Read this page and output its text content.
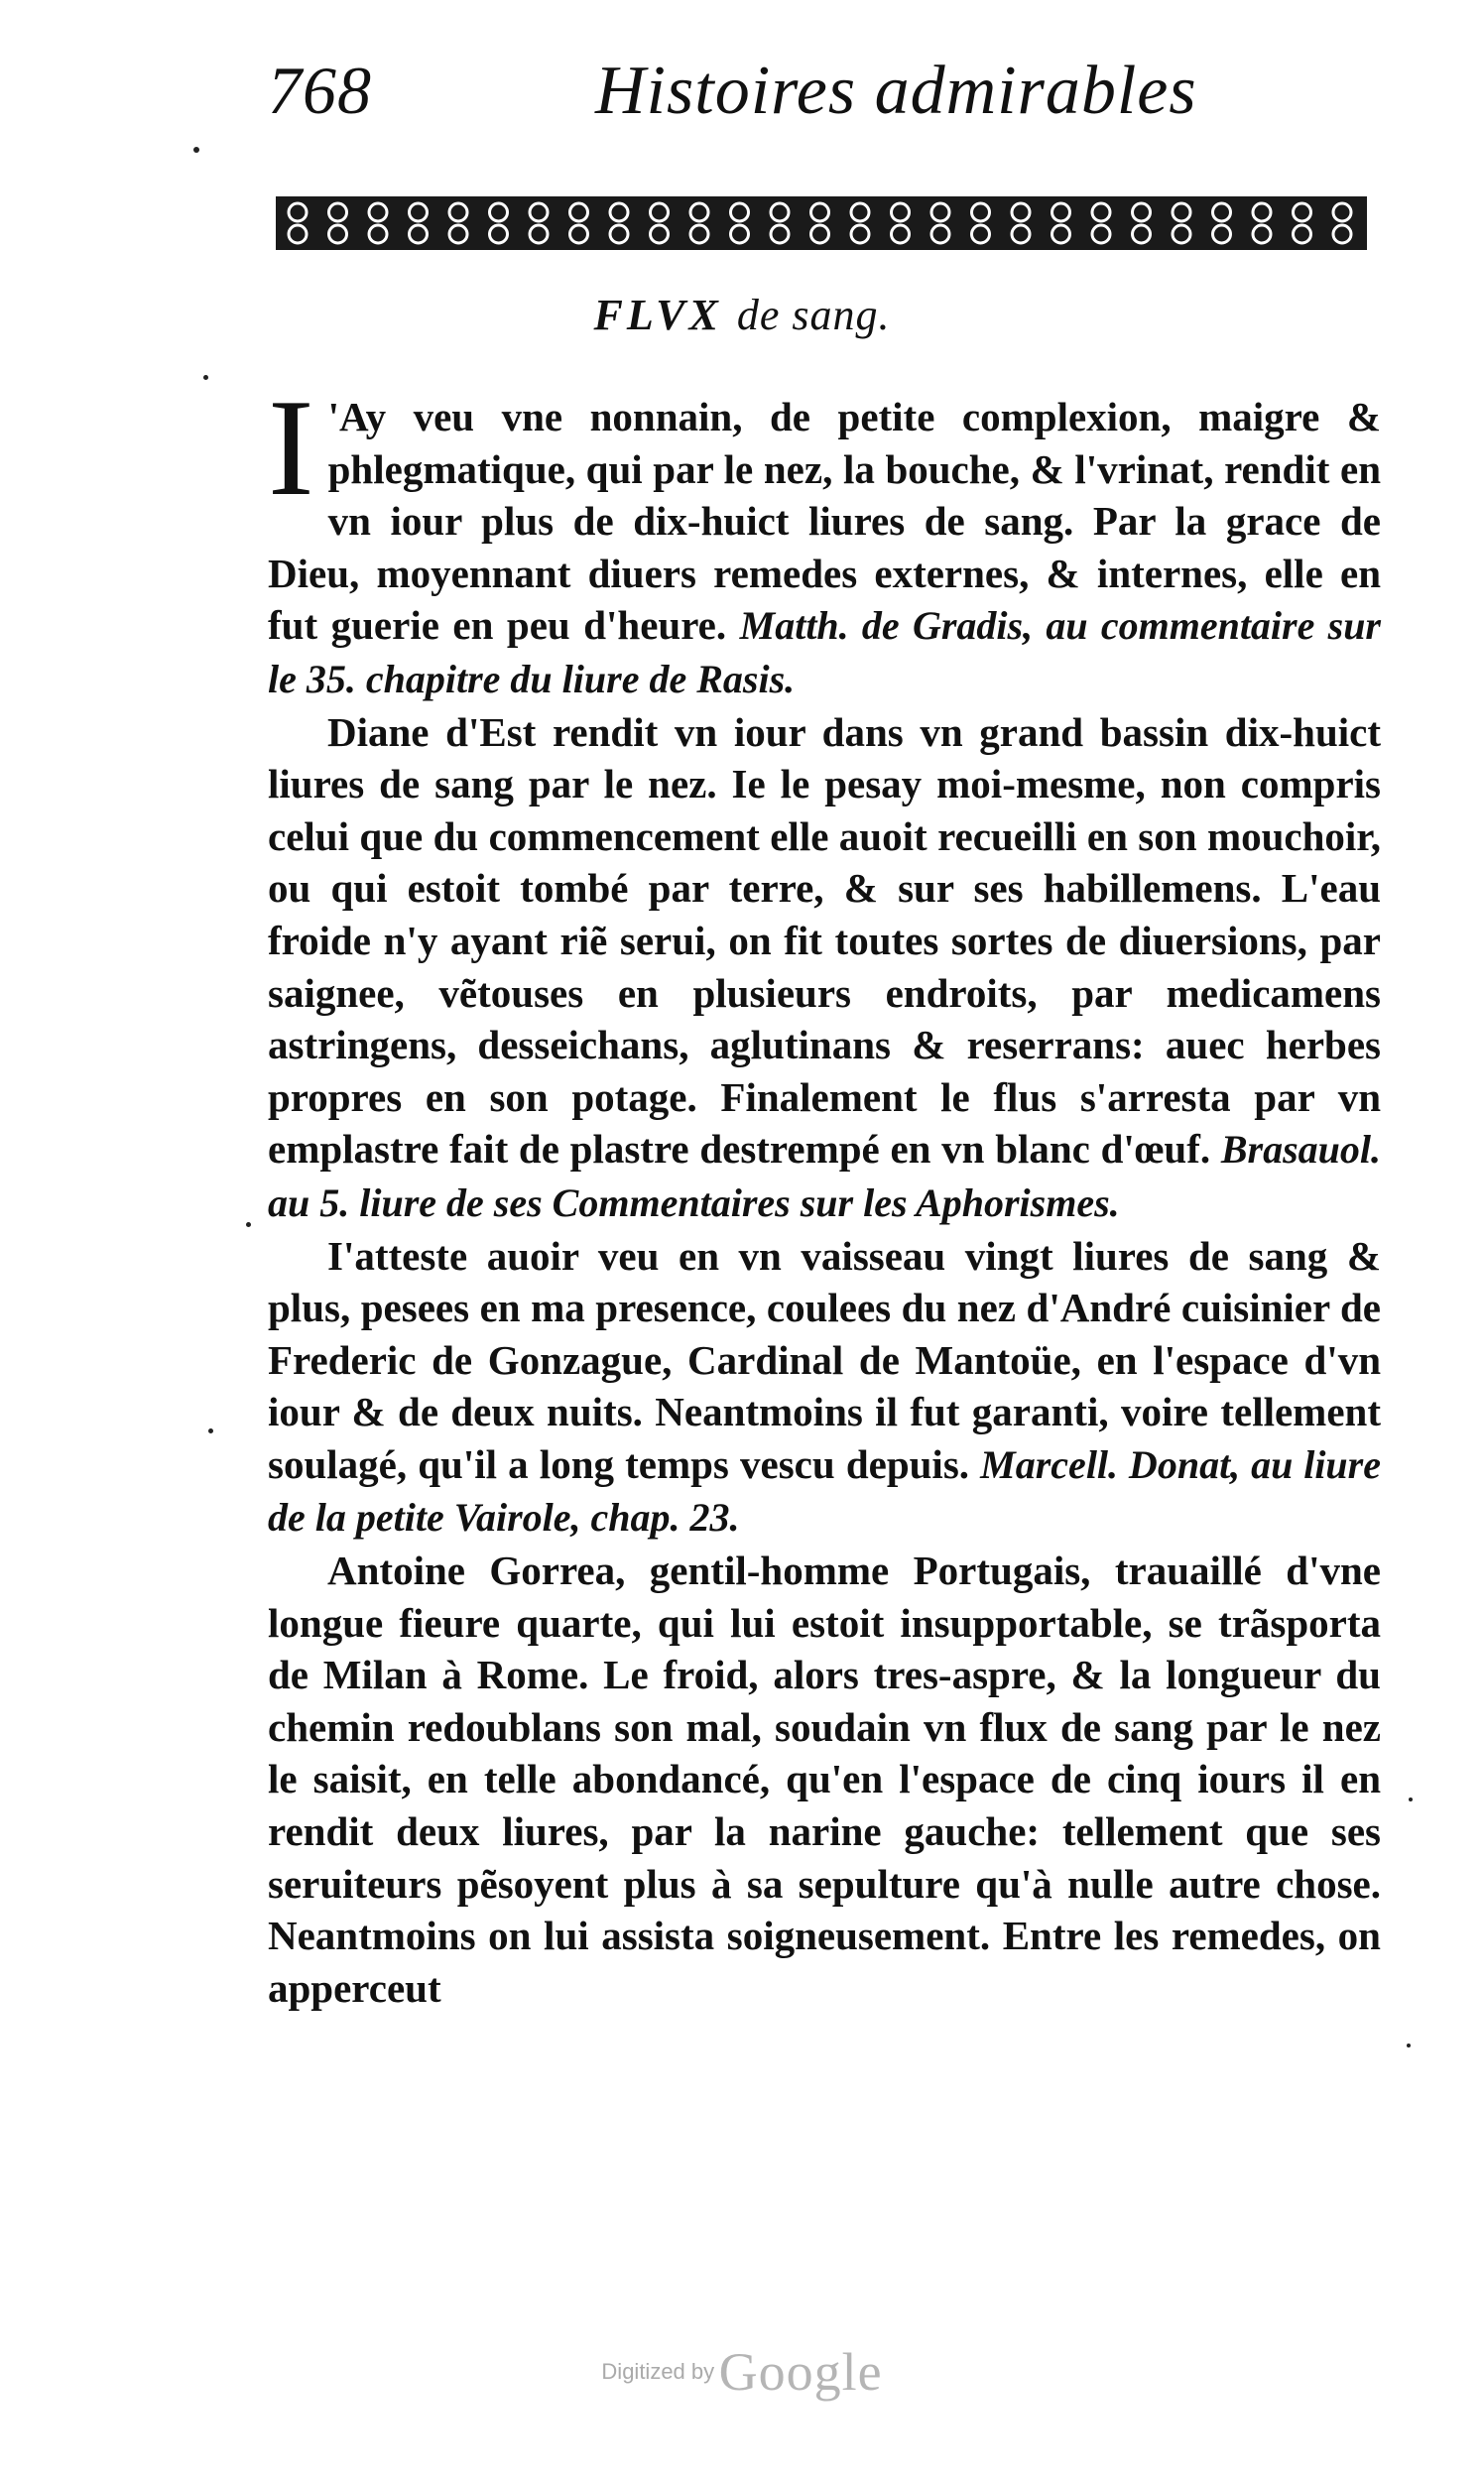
768	Histoires admirables
FLVX de sang.

I 'Ay veu vne nonnain, de petite complexion, maigre & phlegmatique, qui par le nez, la bouche, & l'vrinat, rendit en vn iour plus de dix-huict liures de sang. Par la grace de Dieu, moyennant diuers remedes externes, & internes, elle en fut guerie en peu d'heure. Matth. de Gradis, au commentaire sur le 35. chapitre du liure de Rasis.

Diane d'Est rendit vn iour dans vn grand bassin dix-huict liures de sang par le nez. Ie le pesay moi-mesme, non compris celui que du commencement elle auoit recueilli en son mouchoir, ou qui estoit tombé par terre, & sur ses habillemens. L'eau froide n'y ayant riẽ serui, on fit toutes sortes de diuersions, par saignee, vẽtouses en plusieurs endroits, par medicamens astringens, desseichans, aglutinans & reserrans: auec herbes propres en son potage. Finalement le flus s'arresta par vn emplastre fait de plastre destrempé en vn blanc d'œuf. Brasauol. au 5. liure de ses Commentaires sur les Aphorismes.

I'atteste auoir veu en vn vaisseau vingt liures de sang & plus, pesees en ma presence, coulees du nez d'André cuisinier de Frederic de Gonzague, Cardinal de Mantoüe, en l'espace d'vn iour & de deux nuits. Neantmoins il fut garanti, voire tellement soulagé, qu'il a long temps vescu depuis. Marcell. Donat, au liure de la petite Vairole, chap. 23.

Antoine Gorrea, gentil-homme Portugais, trauaillé d'vne longue fieure quarte, qui lui estoit insupportable, se trãsporta de Milan à Rome. Le froid, alors tres-aspre, & la longueur du chemin redoublans son mal, soudain vn flux de sang par le nez le saisit, en telle abondancé, qu'en l'espace de cinq iours il en rendit deux liures, par la narine gauche: tellement que ses seruiteurs pẽsoyent plus à sa sepulture qu'à nulle autre chose. Neantmoins on lui assista soigneusement. Entre les remedes, on apperceut

Digitized by Google
